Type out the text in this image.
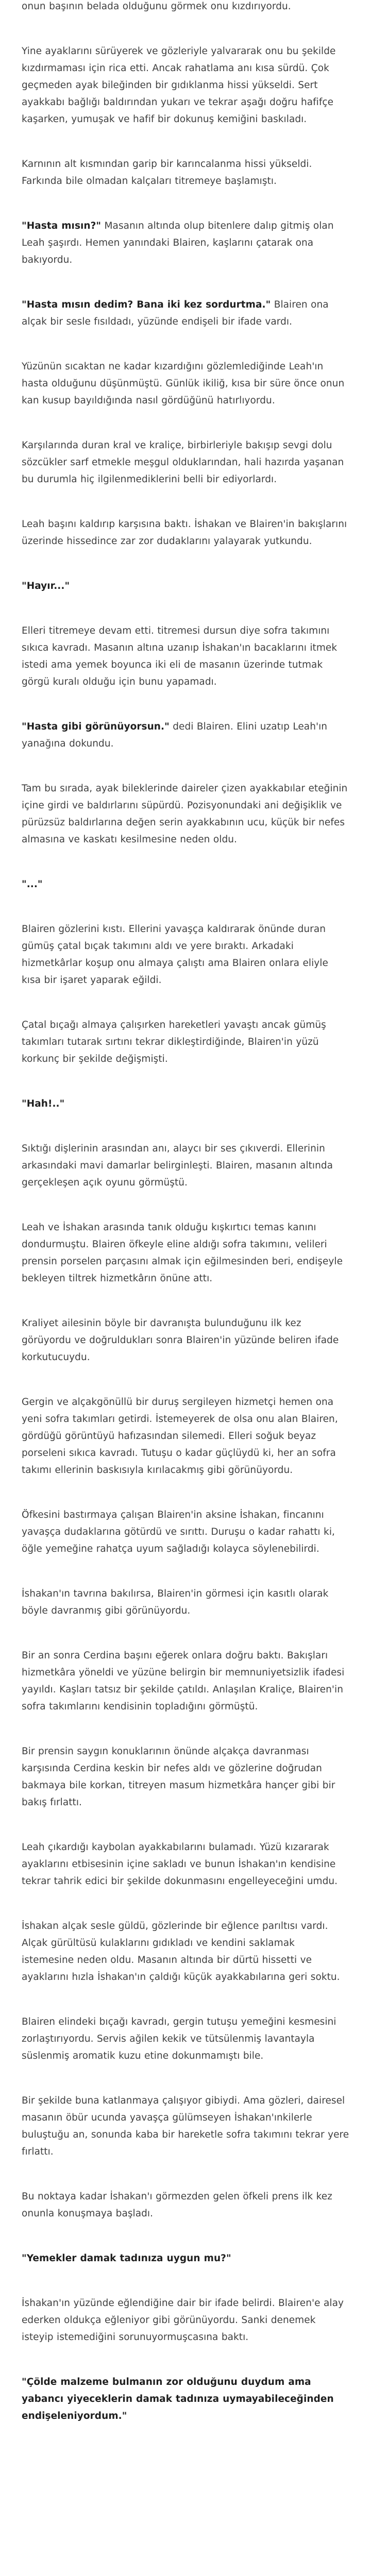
onun başının belada olduğunu görmek onu kızdırıyordu.

Yine ayaklarını sürüyerek ve gözleriyle yalvararak onu bu şekilde kızdırmaması için rica etti. Ancak rahatlama anı kısa sürdü. Çok geçmeden ayak bileğinden bir gıdıklanma hissi yükseldi. Sert ayakkabı bağlığı baldırından yukarı ve tekrar aşağı doğru hafifçe kaşarken, yumuşak ve hafif bir dokunuş kemiğini baskıladı.

Karnının alt kısmından garip bir karıncalanma hissi yükseldi. Farkında bile olmadan kalçaları titremeye başlamıştı.

"Hasta mısın?" Masanın altında olup bitenlere dalıp gitmiş olan Leah şaşırdı. Hemen yanındaki Blairen, kaşlarını çatarak ona bakıyordu.

"Hasta mısın dedim? Bana iki kez sordurtma." Blairen ona alçak bir sesle fısıldadı, yüzünde endişeli bir ifade vardı.

Yüzünün sıcaktan ne kadar kızardığını gözlemlediğinde Leah'ın hasta olduğunu düşünmüştü. Günlük ikiliğ, kısa bir süre önce onun kan kusup bayıldığında nasıl gördüğünü hatırlıyordu.

Karşılarında duran kral ve kraliçe, birbirleriyle bakışıp sevgi dolu sözcükler sarf etmekle meşgul olduklarından, hali hazırda yaşanan bu durumla hiç ilgilenmediklerini belli bir ediyorlardı.

Leah başını kaldırıp karşısına baktı. İshakan ve Blairen'in bakışlarını üzerinde hissedince zar zor dudaklarını yalayarak yutkundu.

"Hayır..."

Elleri titremeye devam etti. titremesi dursun diye sofra takımını sıkıca kavradı. Masanın altına uzanıp İshakan'ın bacaklarını itmek istedi ama yemek boyunca iki eli de masanın üzerinde tutmak görgü kuralı olduğu için bunu yapamadı.

"Hasta gibi görünüyorsun." dedi Blairen. Elini uzatıp Leah'ın yanağına dokundu.

Tam bu sırada, ayak bileklerinde daireler çizen ayakkabılar eteğinin içine girdi ve baldırlarını süpürdü. Pozisyonundaki ani değişiklik ve pürüzsüz baldırlarına değen serin ayakkabının ucu, küçük bir nefes almasına ve kaskatı kesilmesine neden oldu.

"..."

Blairen gözlerini kıstı. Ellerini yavaşça kaldırarak önünde duran gümüş çatal bıçak takımını aldı ve yere bıraktı. Arkadaki hizmetkârlar koşup onu almaya çalıştı ama Blairen onlara eliyle kısa bir işaret yaparak eğildi.

Çatal bıçağı almaya çalışırken hareketleri yavaştı ancak gümüş takımları tutarak sırtını tekrar dikleştirdiğinde, Blairen'in yüzü korkunç bir şekilde değişmişti.

"Hah!.."

Sıktığı dişlerinin arasından anı, alaycı bir ses çıkıverdi. Ellerinin arkasındaki mavi damarlar belirginleşti. Blairen, masanın altında gerçekleşen açık oyunu görmüştü.

Leah ve İshakan arasında tanık olduğu kışkırtıcı temas kanını dondurmuştu. Blairen öfkeyle eline aldığı sofra takımını, velileri prensin porselen parçasını almak için eğilmesinden beri, endişeyle bekleyen tiltrek hizmetkârın önüne attı.

Kraliyet ailesinin böyle bir davranışta bulunduğunu ilk kez görüyordu ve doğruldukları sonra Blairen'in yüzünde beliren ifade korkutucuydu.

Gergin ve alçakgönüllü bir duruş sergileyen hizmetçi hemen ona yeni sofra takımları getirdi. İstemeyerek de olsa onu alan Blairen, gördüğü görüntüyü hafızasından silemedi. Elleri soğuk beyaz porseleni sıkıca kavradı. Tutuşu o kadar güçlüydü ki, her an sofra takımı ellerinin baskısıyla kırılacakmış gibi görünüyordu.

Öfkesini bastırmaya çalışan Blairen'in aksine İshakan, fincanını yavaşça dudaklarına götürdü ve sırıttı. Duruşu o kadar rahattı ki, öğle yemeğine rahatça uyum sağladığı kolayca söylenebilirdi.

İshakan'ın tavrına bakılırsa, Blairen'in görmesi için kasıtlı olarak böyle davranmış gibi görünüyordu.

Bir an sonra Cerdina başını eğerek onlara doğru baktı. Bakışları hizmetkâra yöneldi ve yüzüne belirgin bir memnuniyetsizlik ifadesi yayıldı. Kaşları tatsız bir şekilde çatıldı. Anlaşılan Kraliçe, Blairen'in sofra takımlarını kendisinin topladığını görmüştü.

Bir prensin saygın konuklarının önünde alçakça davranması karşısında Cerdina keskin bir nefes aldı ve gözlerine doğrudan bakmaya bile korkan, titreyen masum hizmetkâra hançer gibi bir bakış fırlattı.

Leah çıkardığı kaybolan ayakkabılarını bulamadı. Yüzü kızararak ayaklarını etbisesinin içine sakladı ve bunun İshakan'ın kendisine tekrar tahrik edici bir şekilde dokunmasını engelleyeceğini umdu.

İshakan alçak sesle güldü, gözlerinde bir eğlence parıltısı vardı. Alçak gürültüsü kulaklarını gıdıkladı ve kendini saklamak istemesine neden oldu. Masanın altında bir dürtü hissetti ve ayaklarını hızla İshakan'ın çaldığı küçük ayakkabılarına geri soktu.

Blairen elindeki bıçağı kavradı, gergin tutuşu yemeğini kesmesini zorlaştırıyordu. Servis ağilen kekik ve tütsülenmiş lavantayla süslenmiş aromatik kuzu etine dokunmamıştı bile.

Bir şekilde buna katlanmaya çalışıyor gibiydi. Ama gözleri, dairesel masanın öbür ucunda yavaşça gülümseyen İshakan'ınkilerle buluştuğu an, sonunda kaba bir hareketle sofra takımını tekrar yere fırlattı.

Bu noktaya kadar İshakan'ı görmezden gelen öfkeli prens ilk kez onunla konuşmaya başladı.

"Yemekler damak tadınıza uygun mu?"

İshakan'ın yüzünde eğlendiğine dair bir ifade belirdi. Blairen'e alay ederken oldukça eğleniyor gibi görünüyordu. Sanki denemek isteyip istemediğini sorunuyormuşcasına baktı.

"Çölde malzeme bulmanın zor olduğunu duydum ama yabancı yiyeceklerin damak tadınıza uymayabileceğinden endişeleniyordum."
